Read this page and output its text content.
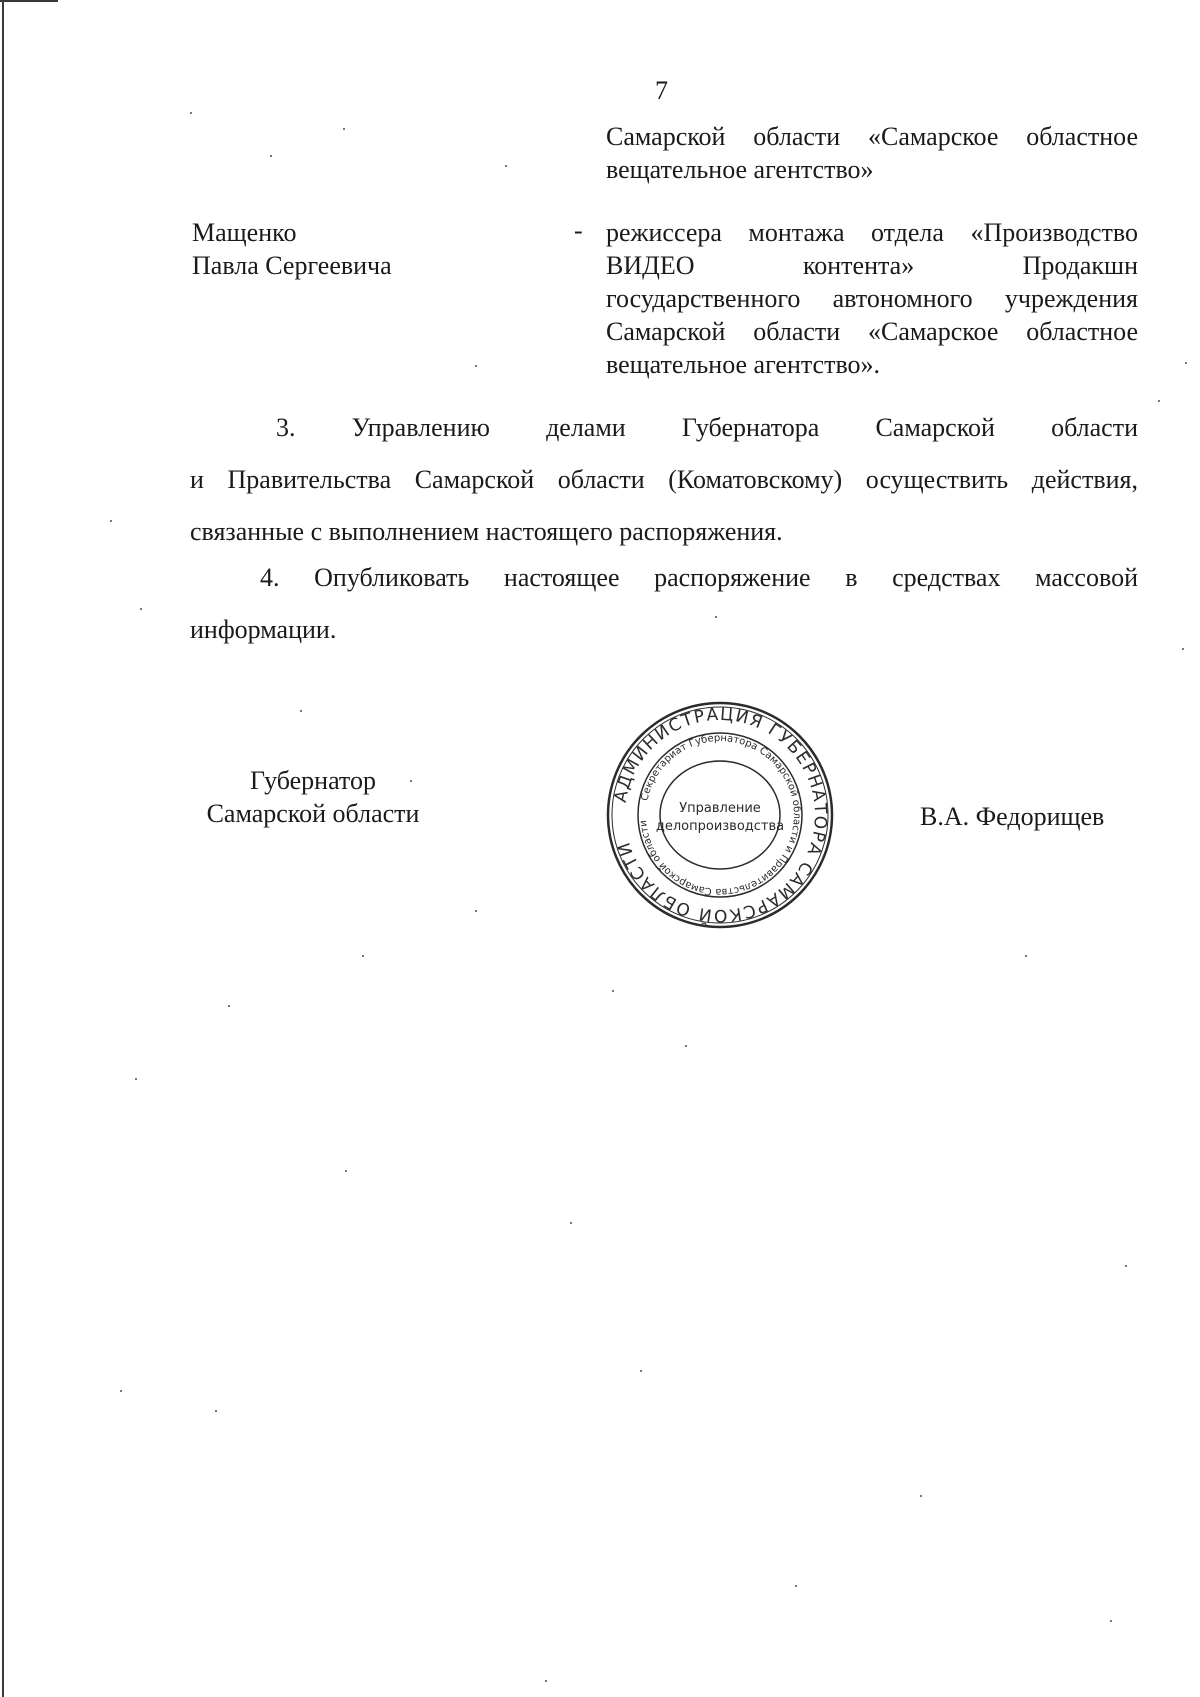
7
Самарской области «Самарское областное
вещательное агентство»
Мащенко
Павла Сергеевича
- режиссера монтажа отдела «Производство
ВИДЕО контента» Продакшн
государственного автономного учреждения
Самарской области «Самарское областное
вещательное агентство».
3. Управлению делами Губернатора Самарской области
и Правительства Самарской области (Коматовскому) осуществить действия,
связанные с выполнением настоящего распоряжения.
4. Опубликовать настоящее распоряжение в средствах массовой
информации.
Губернатор
Самарской области
АДМИНИСТРАЦИЯ ГУБЕРНАТОРА САМАРСКОЙ ОБЛАСТИ
Секретариат Губернатора Самарской области и Правительства Самарской области
Управление
делопроизводства	В.А. Федорищев
